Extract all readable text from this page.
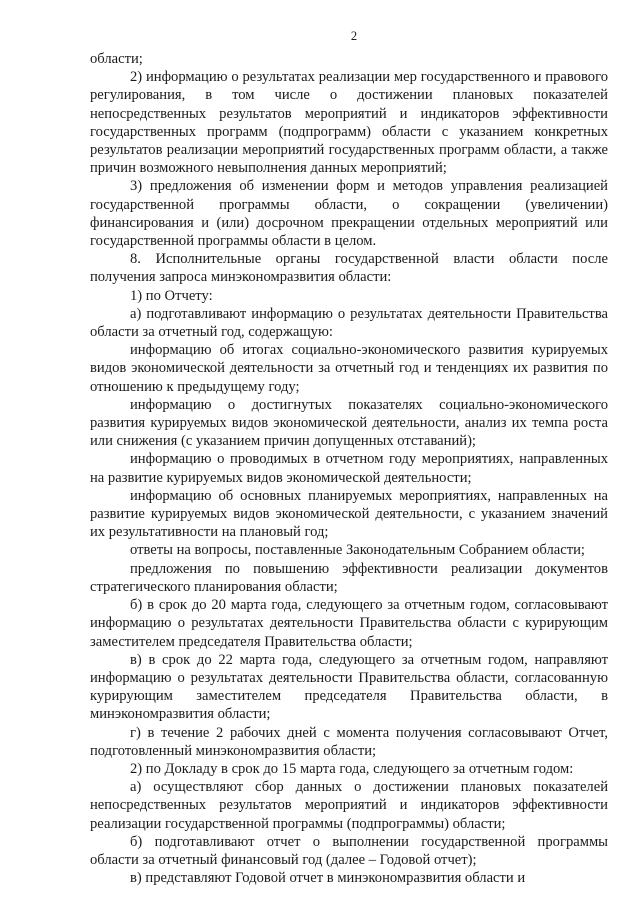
2

области;

2) информацию о результатах реализации мер государственного и правового регулирования, в том числе о достижении плановых показателей непосредственных результатов мероприятий и индикаторов эффективности государственных программ (подпрограмм) области с указанием конкретных результатов реализации мероприятий государственных программ области, а также причин возможного невыполнения данных мероприятий;

3) предложения об изменении форм и методов управления реализацией государственной программы области, о сокращении (увеличении) финансирования и (или) досрочном прекращении отдельных мероприятий или государственной программы области в целом.

8. Исполнительные органы государственной власти области после получения запроса минэкономразвития области:

1) по Отчету:

а) подготавливают информацию о результатах деятельности Правительства области за отчетный год, содержащую:

информацию об итогах социально-экономического развития курируемых видов экономической деятельности за отчетный год и тенденциях их развития по отношению к предыдущему году;

информацию о достигнутых показателях социально-экономического развития курируемых видов экономической деятельности, анализ их темпа роста или снижения (с указанием причин допущенных отставаний);

информацию о проводимых в отчетном году мероприятиях, направленных на развитие курируемых видов экономической деятельности;

информацию об основных планируемых мероприятиях, направленных на развитие курируемых видов экономической деятельности, с указанием значений их результативности на плановый год;

ответы на вопросы, поставленные Законодательным Собранием области;

предложения по повышению эффективности реализации документов стратегического планирования области;

б) в срок до 20 марта года, следующего за отчетным годом, согласовывают информацию о результатах деятельности Правительства области с курирующим заместителем председателя Правительства области;

в) в срок до 22 марта года, следующего за отчетным годом, направляют информацию о результатах деятельности Правительства области, согласованную курирующим заместителем председателя Правительства области, в минэкономразвития области;

г) в течение 2 рабочих дней с момента получения согласовывают Отчет, подготовленный минэкономразвития области;

2) по Докладу в срок до 15 марта года, следующего за отчетным годом:

а) осуществляют сбор данных о достижении плановых показателей непосредственных результатов мероприятий и индикаторов эффективности реализации государственной программы (подпрограммы) области;

б) подготавливают отчет о выполнении государственной программы области за отчетный финансовый год (далее – Годовой отчет);

в) представляют Годовой отчет в минэкономразвития области и
